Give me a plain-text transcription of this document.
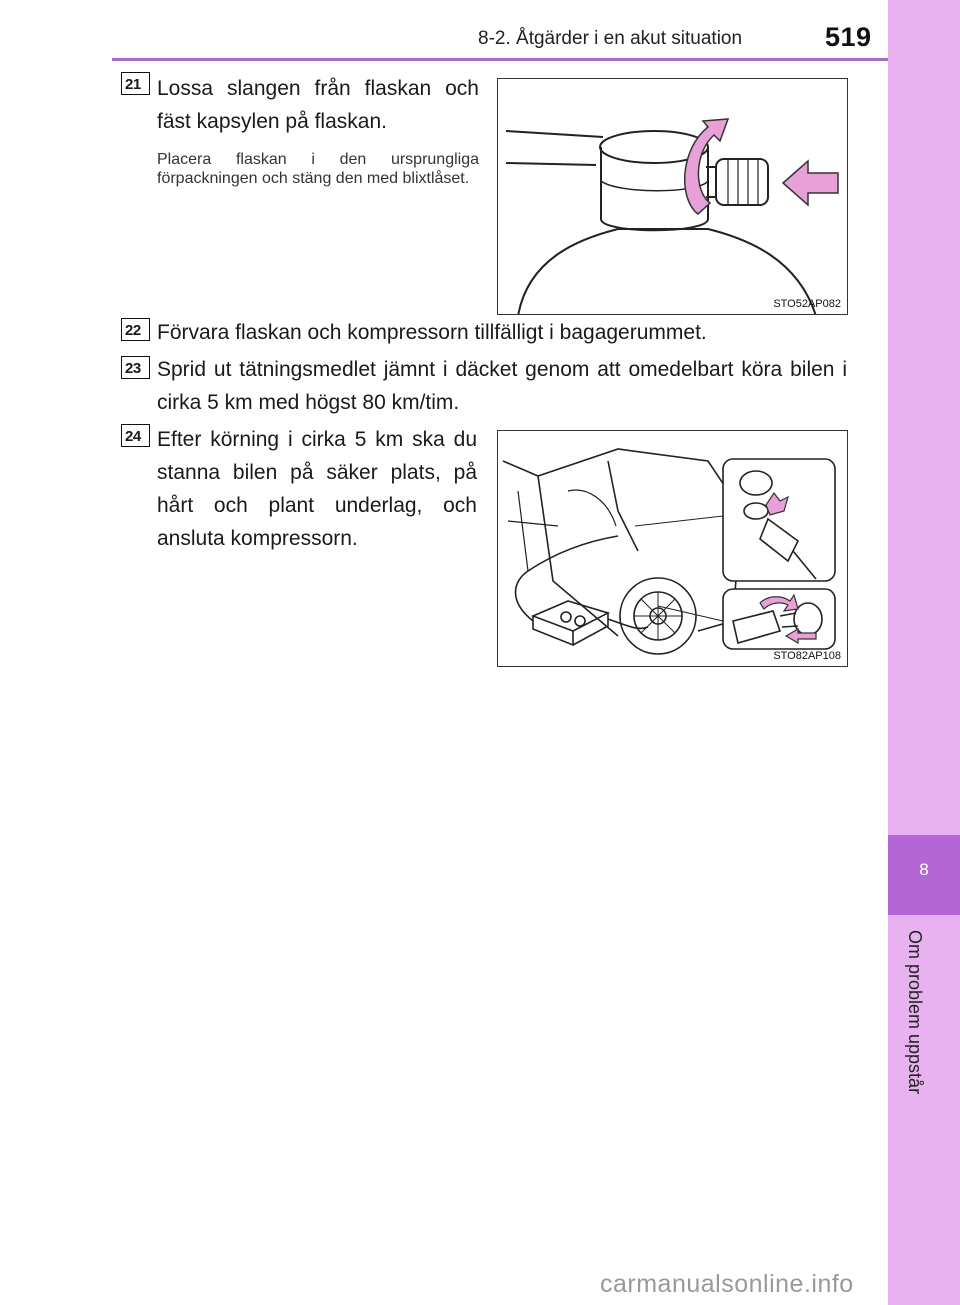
8-2. Åtgärder i en akut situation	519
8
Om problem uppstår
21 Lossa slangen från flaskan och fäst kapsylen på flaskan.
Placera flaskan i den ursprungliga förpackningen och stäng den med blixtlåset.
STO52AP082
22 Förvara flaskan och kompressorn tillfälligt i bagagerummet.
23 Sprid ut tätningsmedlet jämnt i däcket genom att omedelbart köra bilen i cirka 5 km med högst 80 km/tim.
24 Efter körning i cirka 5 km ska du stanna bilen på säker plats, på hårt och plant underlag, och ansluta kompressorn.
STO82AP108
carmanualsonline.info
